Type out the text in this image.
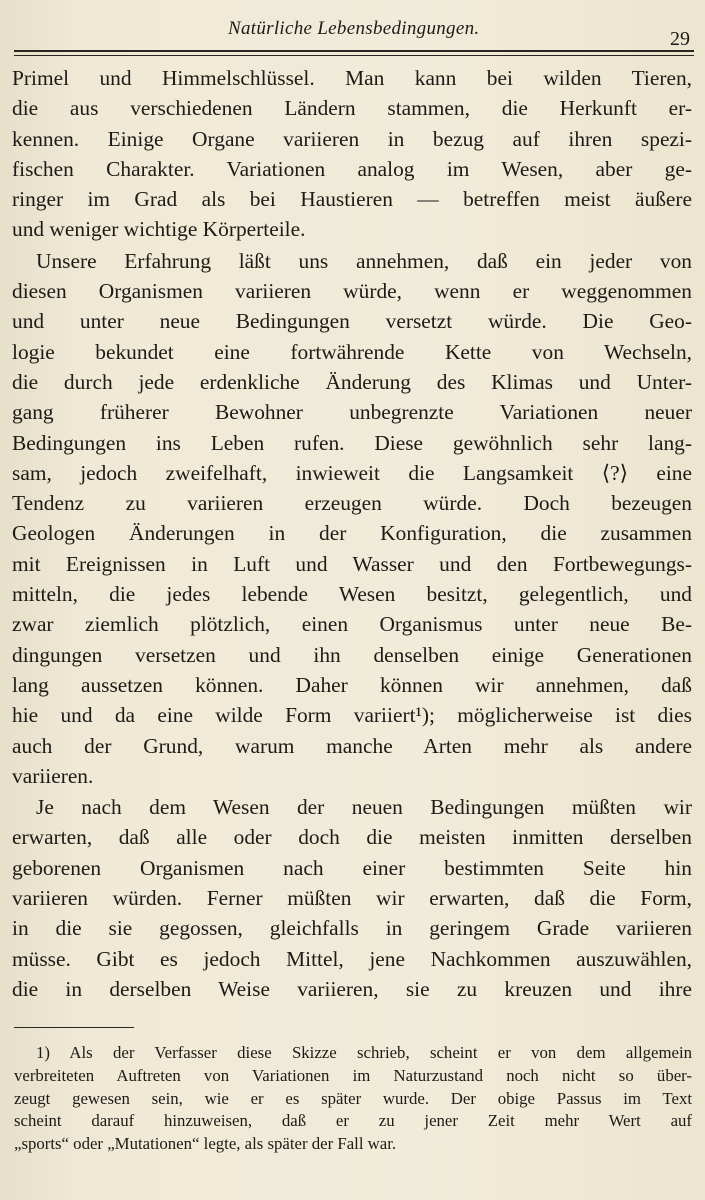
Natürliche Lebensbedingungen.	29
Primel und Himmelschlüssel. Man kann bei wilden Tieren,
die aus verschiedenen Ländern stammen, die Herkunft er-
kennen. Einige Organe variieren in bezug auf ihren spezi-
fischen Charakter. Variationen analog im Wesen, aber ge-
ringer im Grad als bei Haustieren — betreffen meist äußere
und weniger wichtige Körperteile.
Unsere Erfahrung läßt uns annehmen, daß ein jeder von
diesen Organismen variieren würde, wenn er weggenommen
und unter neue Bedingungen versetzt würde. Die Geo-
logie bekundet eine fortwährende Kette von Wechseln,
die durch jede erdenkliche Änderung des Klimas und Unter-
gang früherer Bewohner unbegrenzte Variationen neuer
Bedingungen ins Leben rufen. Diese gewöhnlich sehr lang-
sam, jedoch zweifelhaft, inwieweit die Langsamkeit ⟨?⟩ eine
Tendenz zu variieren erzeugen würde. Doch bezeugen
Geologen Änderungen in der Konfiguration, die zusammen
mit Ereignissen in Luft und Wasser und den Fortbewegungs-
mitteln, die jedes lebende Wesen besitzt, gelegentlich, und
zwar ziemlich plötzlich, einen Organismus unter neue Be-
dingungen versetzen und ihn denselben einige Generationen
lang aussetzen können. Daher können wir annehmen, daß
hie und da eine wilde Form variiert¹); möglicherweise ist dies
auch der Grund, warum manche Arten mehr als andere
variieren.
Je nach dem Wesen der neuen Bedingungen müßten wir
erwarten, daß alle oder doch die meisten inmitten derselben
geborenen Organismen nach einer bestimmten Seite hin
variieren würden. Ferner müßten wir erwarten, daß die Form,
in die sie gegossen, gleichfalls in geringem Grade variieren
müsse. Gibt es jedoch Mittel, jene Nachkommen auszuwählen,
die in derselben Weise variieren, sie zu kreuzen und ihre
1) Als der Verfasser diese Skizze schrieb, scheint er von dem allgemein
verbreiteten Auftreten von Variationen im Naturzustand noch nicht so über-
zeugt gewesen sein, wie er es später wurde. Der obige Passus im Text
scheint darauf hinzuweisen, daß er zu jener Zeit mehr Wert auf
„sports“ oder „Mutationen“ legte, als später der Fall war.
